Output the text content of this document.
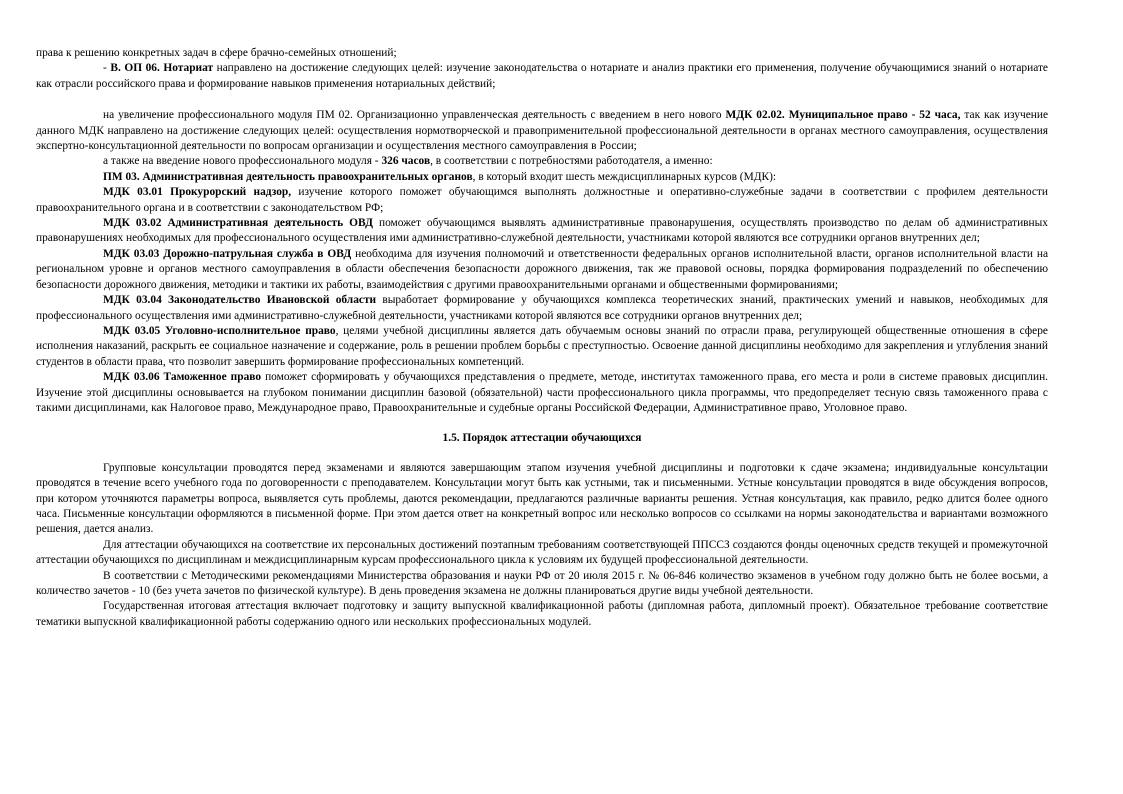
права к решению конкретных задач в сфере брачно-семейных отношений;

- В. ОП 06. Нотариат направлено на достижение следующих целей: изучение законодательства о нотариате и анализ практики его применения, получение обучающимися знаний о нотариате как отрасли российского права и формирование навыков применения нотариальных действий;

на увеличение профессионального модуля ПМ 02. Организационно управленческая деятельность с введением в него нового МДК 02.02. Муниципальное право - 52 часа, так как изучение данного МДК направлено на достижение следующих целей: осуществления нормотворческой и правоприменительной профессиональной деятельности в органах местного самоуправления, осуществления экспертно-консультационной деятельности по вопросам организации и осуществления местного самоуправления в России;

а также на введение нового профессионального модуля - 326 часов, в соответствии с потребностями работодателя, а именно:

ПМ 03. Административная деятельность правоохранительных органов, в который входит шесть междисциплинарных курсов (МДК):

МДК 03.01 Прокурорский надзор, изучение которого поможет обучающимся выполнять должностные и оперативно-служебные задачи в соответствии с профилем деятельности правоохранительного органа и в соответствии с законодательством РФ;

МДК 03.02 Административная деятельность ОВД поможет обучающимся выявлять административные правонарушения, осуществлять производство по делам об административных правонарушениях необходимых для профессионального осуществления ими административно-служебной деятельности, участниками которой являются все сотрудники органов внутренних дел;

МДК 03.03 Дорожно-патрульная служба в ОВД необходима для изучения полномочий и ответственности федеральных органов исполнительной власти, органов исполнительной власти на региональном уровне и органов местного самоуправления в области обеспечения безопасности дорожного движения, так же правовой основы, порядка формирования подразделений по обеспечению безопасности дорожного движения, методики и тактики их работы, взаимодействия с другими правоохранительными органами и общественными формированиями;

МДК 03.04 Законодательство Ивановской области выработает формирование у обучающихся комплекса теоретических знаний, практических умений и навыков, необходимых для профессионального осуществления ими административно-служебной деятельности, участниками которой являются все сотрудники органов внутренних дел;

МДК 03.05 Уголовно-исполнительное право, целями учебной дисциплины является дать обучаемым основы знаний по отрасли права, регулирующей общественные отношения в сфере исполнения наказаний, раскрыть ее социальное назначение и содержание, роль в решении проблем борьбы с преступностью. Освоение данной дисциплины необходимо для закрепления и углубления знаний студентов в области права, что позволит завершить формирование профессиональных компетенций.

МДК 03.06 Таможенное право поможет сформировать у обучающихся представления о предмете, методе, институтах таможенного права, его места и роли в системе правовых дисциплин. Изучение этой дисциплины основывается на глубоком понимании дисциплин базовой (обязательной) части профессионального цикла программы, что предопределяет тесную связь таможенного права с такими дисциплинами, как Налоговое право, Международное право, Правоохранительные и судебные органы Российской Федерации, Административное право, Уголовное право.

1.5. Порядок аттестации обучающихся

Групповые консультации проводятся перед экзаменами и являются завершающим этапом изучения учебной дисциплины и подготовки к сдаче экзамена; индивидуальные консультации проводятся в течение всего учебного года по договоренности с преподавателем. Консультации могут быть как устными, так и письменными. Устные консультации проводятся в виде обсуждения вопросов, при котором уточняются параметры вопроса, выявляется суть проблемы, даются рекомендации, предлагаются различные варианты решения. Устная консультация, как правило, редко длится более одного часа. Письменные консультации оформляются в письменной форме. При этом дается ответ на конкретный вопрос или несколько вопросов со ссылками на нормы законодательства и вариантами возможного решения, дается анализ.

Для аттестации обучающихся на соответствие их персональных достижений поэтапным требованиям соответствующей ППССЗ создаются фонды оценочных средств текущей и промежуточной аттестации обучающихся по дисциплинам и междисциплинарным курсам профессионального цикла к условиям их будущей профессиональной деятельности.

В соответствии с Методическими рекомендациями Министерства образования и науки РФ от 20 июля 2015 г. № 06-846 количество экзаменов в учебном году должно быть не более восьми, а количество зачетов - 10 (без учета зачетов по физической культуре). В день проведения экзамена не должны планироваться другие виды учебной деятельности.

Государственная итоговая аттестация включает подготовку и защиту выпускной квалификационной работы (дипломная работа, дипломный проект). Обязательное требование соответствие тематики выпускной квалификационной работы содержанию одного или нескольких профессиональных модулей.
